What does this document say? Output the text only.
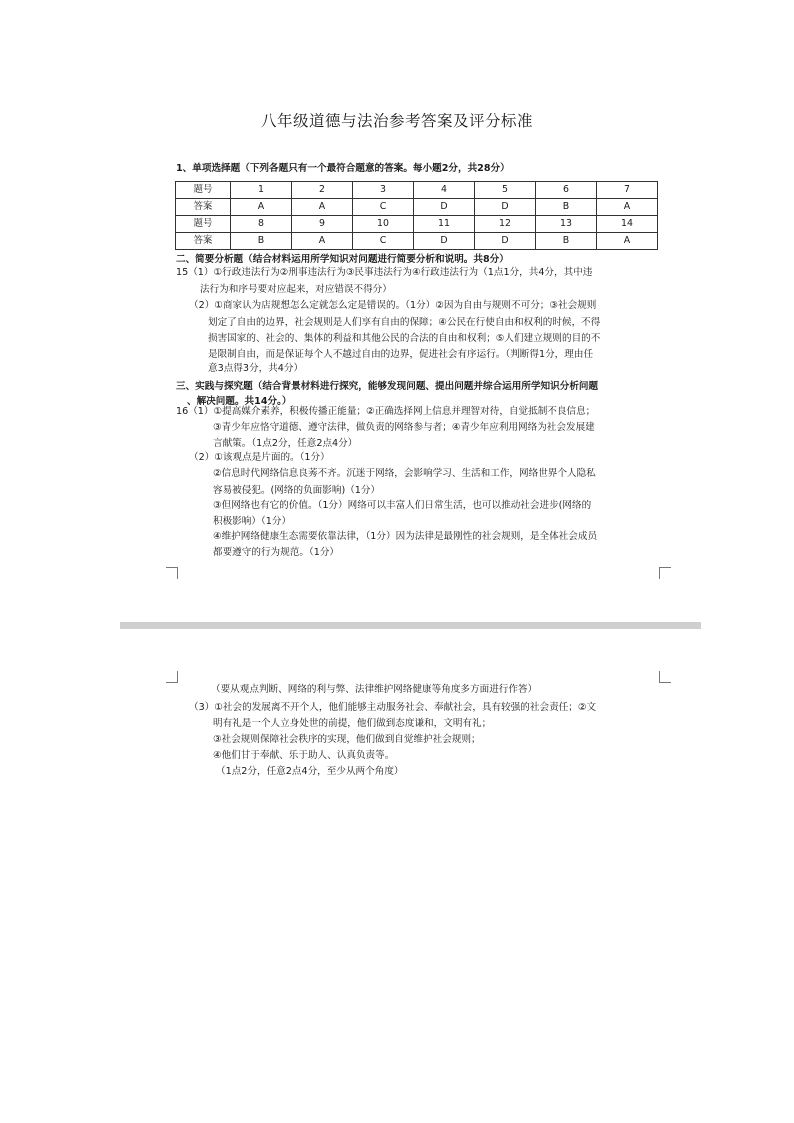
八年级道德与法治参考答案及评分标准
1、单项选择题（下列各题只有一个最符合题意的答案。每小题2分，共28分）
题号	1	2	3	4	5	6	7
答案	A	A	C	D	D	B	A
题号	8	9	10	11	12	13	14
答案	B	A	C	D	D	B	A
二、简要分析题（结合材料运用所学知识对问题进行简要分析和说明。共8分）
15（1）①行政违法行为②刑事违法行为③民事违法行为④行政违法行为（1点1分，共4分，其中违
法行为和序号要对应起来，对应错误不得分）
（2）①商家认为店规想怎么定就怎么定是错误的。（1分）②因为自由与规则不可分；③社会规则
划定了自由的边界，社会规则是人们享有自由的保障；④公民在行使自由和权利的时候，不得
损害国家的、社会的、集体的利益和其他公民的合法的自由和权利；⑤人们建立规则的目的不
是限制自由，而是保证每个人不越过自由的边界，促进社会有序运行。（判断得1分，理由任
意3点得3分，共4分）
三、实践与探究题（结合背景材料进行探究，能够发现问题、提出问题并综合运用所学知识分析问题
、解决问题。共14分。）
16（1）①提高媒介素养，积极传播正能量；②正确选择网上信息并理智对待，自觉抵制不良信息；
③青少年应恪守道德、遵守法律，做负责的网络参与者；④青少年应利用网络为社会发展建
言献策。（1点2分，任意2点4分）
（2）①该观点是片面的。（1分）
②信息时代网络信息良莠不齐。沉迷于网络，会影响学习、生活和工作，网络世界个人隐私
容易被侵犯。(网络的负面影响)（1分）
③但网络也有它的价值。（1分）网络可以丰富人们日常生活，也可以推动社会进步(网络的
积极影响）（1分）
④维护网络健康生态需要依靠法律，（1分）因为法律是最刚性的社会规则，是全体社会成员
都要遵守的行为规范。（1分）
（要从观点判断、网络的利与弊、法律维护网络健康等角度多方面进行作答）
（3）①社会的发展离不开个人，他们能够主动服务社会、奉献社会，具有较强的社会责任；②文
明有礼是一个人立身处世的前提，他们做到态度谦和，文明有礼；
③社会规则保障社会秩序的实现，他们做到自觉维护社会规则；
④他们甘于奉献、乐于助人、认真负责等。
（1点2分，任意2点4分，至少从两个角度）
